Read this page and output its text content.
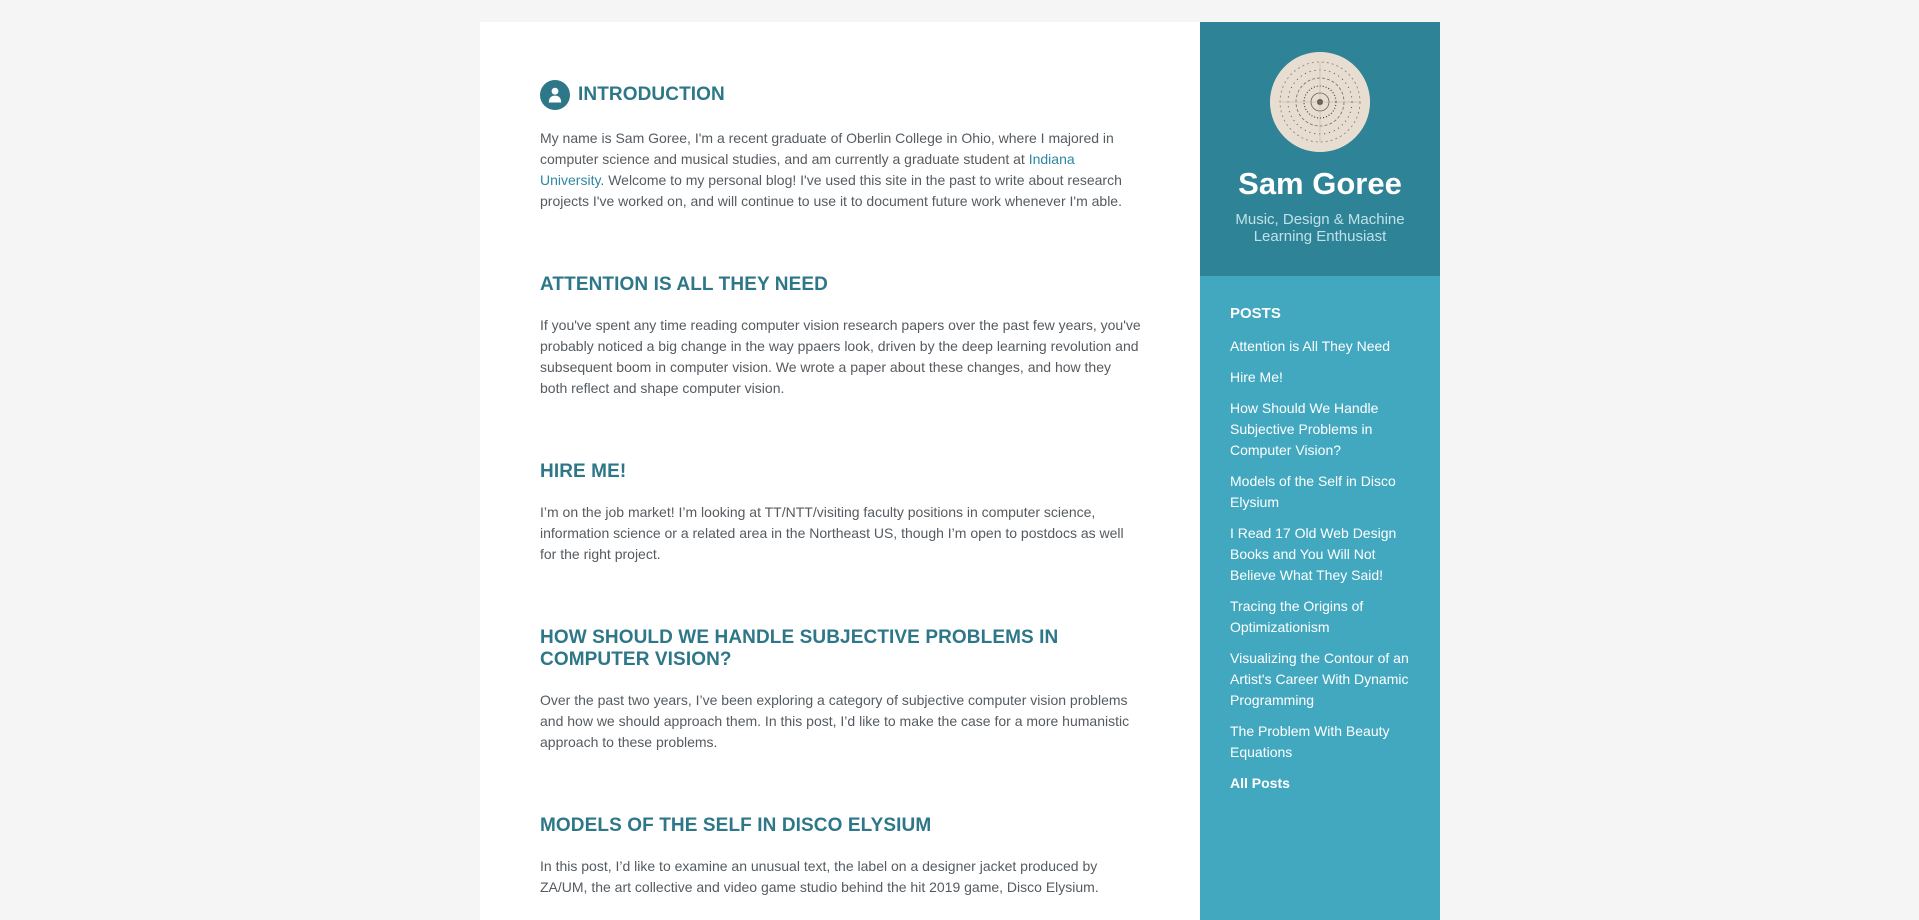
INTRODUCTION

My name is Sam Goree, I'm a recent graduate of Oberlin College in Ohio, where I majored in computer science and musical studies, and am currently a graduate student at Indiana University. Welcome to my personal blog! I've used this site in the past to write about research projects I've worked on, and will continue to use it to document future work whenever I'm able.

ATTENTION IS ALL THEY NEED

If you've spent any time reading computer vision research papers over the past few years, you've probably noticed a big change in the way ppaers look, driven by the deep learning revolution and subsequent boom in computer vision. We wrote a paper about these changes, and how they both reflect and shape computer vision.

HIRE ME!

I’m on the job market! I’m looking at TT/NTT/visiting faculty positions in computer science, information science or a related area in the Northeast US, though I’m open to postdocs as well for the right project.

HOW SHOULD WE HANDLE SUBJECTIVE PROBLEMS IN COMPUTER VISION?

Over the past two years, I’ve been exploring a category of subjective computer vision problems and how we should approach them. In this post, I’d like to make the case for a more humanistic approach to these problems.

MODELS OF THE SELF IN DISCO ELYSIUM

In this post, I’d like to examine an unusual text, the label on a designer jacket produced by ZA/UM, the art collective and video game studio behind the hit 2019 game, Disco Elysium.

Sam Goree

Music, Design & Machine Learning Enthusiast

POSTS
Attention is All They Need
Hire Me!
How Should We Handle Subjective Problems in Computer Vision?
Models of the Self in Disco Elysium
I Read 17 Old Web Design Books and You Will Not Believe What They Said!
Tracing the Origins of Optimizationism
Visualizing the Contour of an Artist's Career With Dynamic Programming
The Problem With Beauty Equations
All Posts
